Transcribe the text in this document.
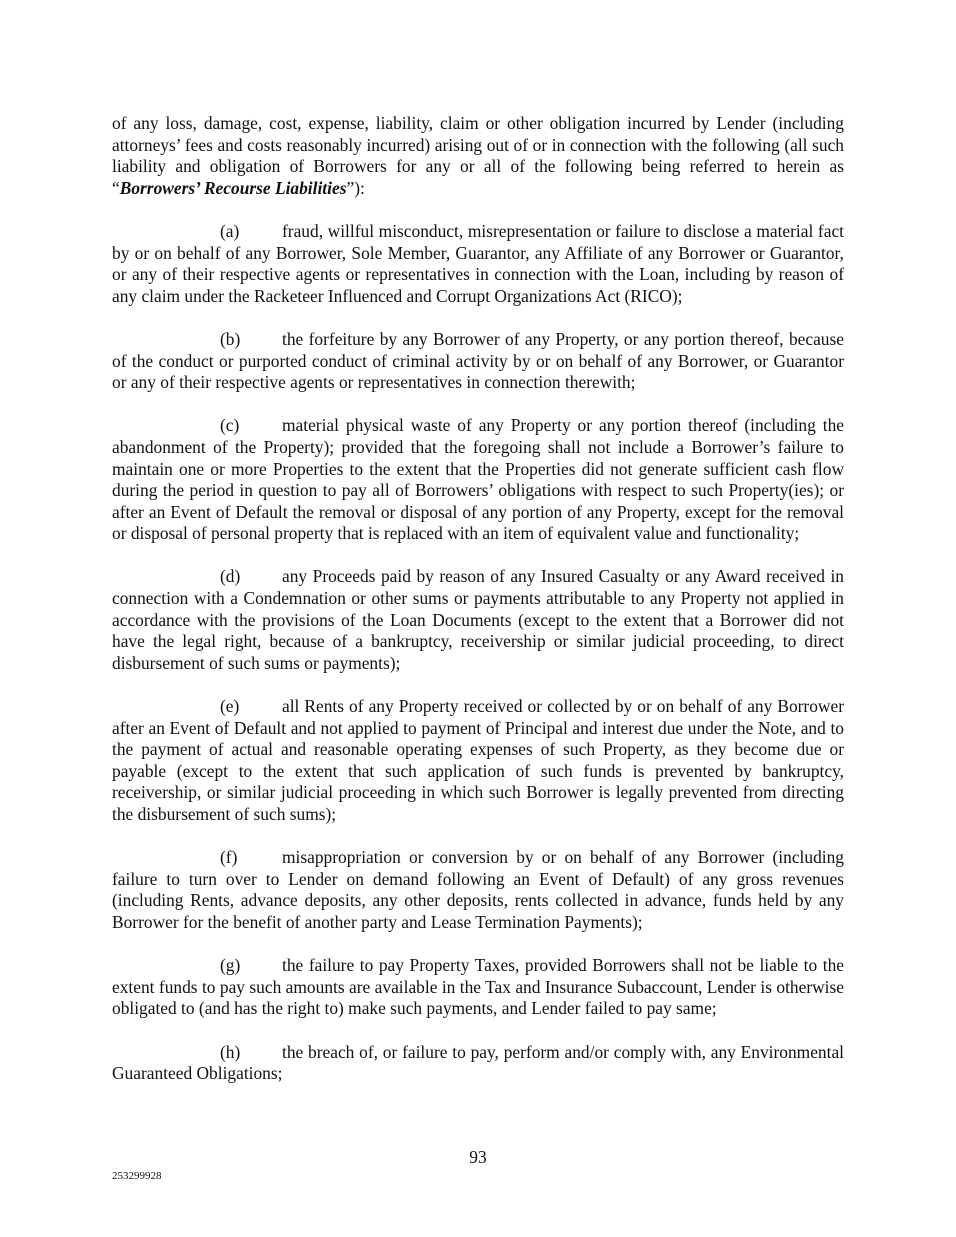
of any loss, damage, cost, expense, liability, claim or other obligation incurred by Lender (including attorneys’ fees and costs reasonably incurred) arising out of or in connection with the following (all such liability and obligation of Borrowers for any or all of the following being referred to herein as “Borrowers’ Recourse Liabilities”):

(a) fraud, willful misconduct, misrepresentation or failure to disclose a material fact by or on behalf of any Borrower, Sole Member, Guarantor, any Affiliate of any Borrower or Guarantor, or any of their respective agents or representatives in connection with the Loan, including by reason of any claim under the Racketeer Influenced and Corrupt Organizations Act (RICO);

(b) the forfeiture by any Borrower of any Property, or any portion thereof, because of the conduct or purported conduct of criminal activity by or on behalf of any Borrower, or Guarantor or any of their respective agents or representatives in connection therewith;

(c) material physical waste of any Property or any portion thereof (including the abandonment of the Property); provided that the foregoing shall not include a Borrower’s failure to maintain one or more Properties to the extent that the Properties did not generate sufficient cash flow during the period in question to pay all of Borrowers’ obligations with respect to such Property(ies); or after an Event of Default the removal or disposal of any portion of any Property, except for the removal or disposal of personal property that is replaced with an item of equivalent value and functionality;

(d) any Proceeds paid by reason of any Insured Casualty or any Award received in connection with a Condemnation or other sums or payments attributable to any Property not applied in accordance with the provisions of the Loan Documents (except to the extent that a Borrower did not have the legal right, because of a bankruptcy, receivership or similar judicial proceeding, to direct disbursement of such sums or payments);

(e) all Rents of any Property received or collected by or on behalf of any Borrower after an Event of Default and not applied to payment of Principal and interest due under the Note, and to the payment of actual and reasonable operating expenses of such Property, as they become due or payable (except to the extent that such application of such funds is prevented by bankruptcy, receivership, or similar judicial proceeding in which such Borrower is legally prevented from directing the disbursement of such sums);

(f)	misappropriation or conversion by or on behalf of any Borrower (including failure to turn over to Lender on demand following an Event of Default) of any gross revenues (including Rents, advance deposits, any other deposits, rents collected in advance, funds held by any Borrower for the benefit of another party and Lease Termination Payments);

(g) the failure to pay Property Taxes, provided Borrowers shall not be liable to the extent funds to pay such amounts are available in the Tax and Insurance Subaccount, Lender is otherwise obligated to (and has the right to) make such payments, and Lender failed to pay same;

(h) the breach of, or failure to pay, perform and/or comply with, any Environmental Guaranteed Obligations;

93
253299928
